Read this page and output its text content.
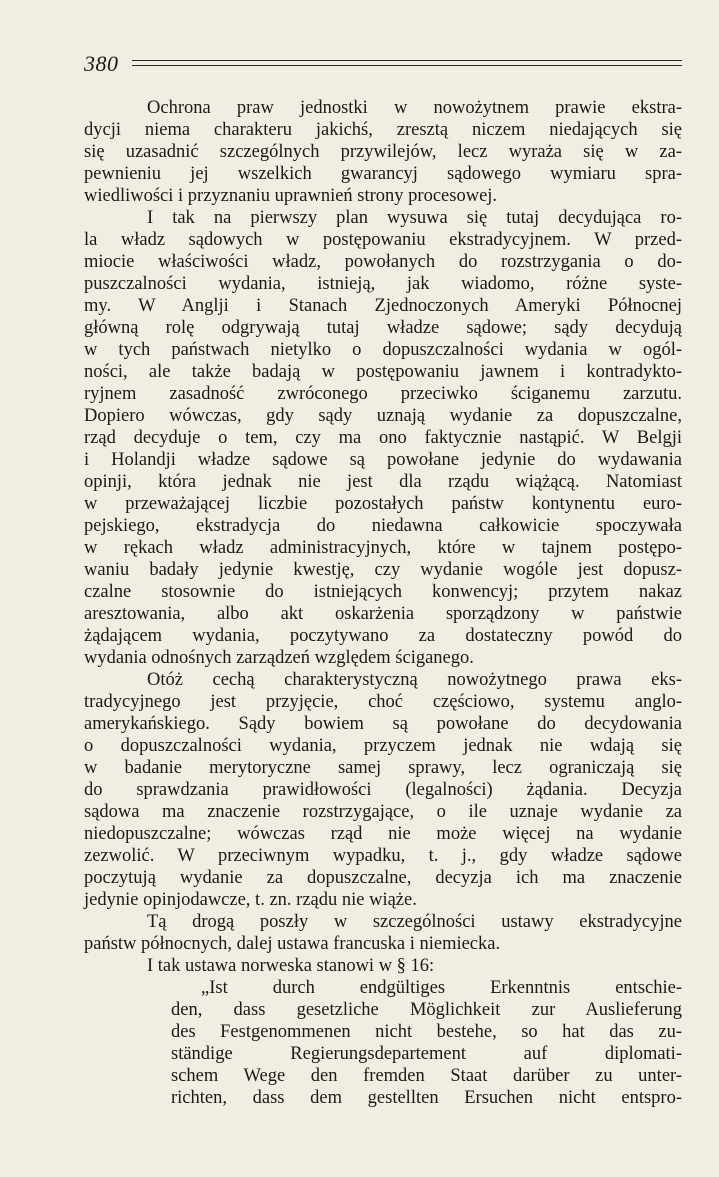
380
Ochrona praw jednostki w nowożytnem prawie ekstra-
dycji niema charakteru jakichś, zresztą niczem niedających się
się uzasadnić szczególnych przywilejów, lecz wyraża się w za-
pewnieniu jej wszelkich gwarancyj sądowego wymiaru spra-
wiedliwości i przyznaniu uprawnień strony procesowej.
I tak na pierwszy plan wysuwa się tutaj decydująca ro-
la władz sądowych w postępowaniu ekstradycyjnem. W przed-
miocie właściwości władz, powołanych do rozstrzygania o do-
puszczalności wydania, istnieją, jak wiadomo, różne syste-
my. W Anglji i Stanach Zjednoczonych Ameryki Północnej
główną rolę odgrywają tutaj władze sądowe; sądy decydują
w tych państwach nietylko o dopuszczalności wydania w ogól-
ności, ale także badają w postępowaniu jawnem i kontradykto-
ryjnem zasadność zwróconego przeciwko ściganemu zarzutu.
Dopiero wówczas, gdy sądy uznają wydanie za dopuszczalne,
rząd decyduje o tem, czy ma ono faktycznie nastąpić. W Belgji
i Holandji władze sądowe są powołane jedynie do wydawania
opinji, która jednak nie jest dla rządu wiążącą. Natomiast
w przeważającej liczbie pozostałych państw kontynentu euro-
pejskiego, ekstradycja do niedawna całkowicie spoczywała
w rękach władz administracyjnych, które w tajnem postępo-
waniu badały jedynie kwestję, czy wydanie wogóle jest dopusz-
czalne stosownie do istniejących konwencyj; przytem nakaz
aresztowania, albo akt oskarżenia sporządzony w państwie
żądającem wydania, poczytywano za dostateczny powód do
wydania odnośnych zarządzeń względem ściganego.
Otóż cechą charakterystyczną nowożytnego prawa eks-
tradycyjnego jest przyjęcie, choć częściowo, systemu anglo-
amerykańskiego. Sądy bowiem są powołane do decydowania
o dopuszczalności wydania, przyczem jednak nie wdają się
w badanie merytoryczne samej sprawy, lecz ograniczają się
do sprawdzania prawidłowości (legalności) żądania. Decyzja
sądowa ma znaczenie rozstrzygające, o ile uznaje wydanie za
niedopuszczalne; wówczas rząd nie może więcej na wydanie
zezwolić. W przeciwnym wypadku, t. j., gdy władze sądowe
poczytują wydanie za dopuszczalne, decyzja ich ma znaczenie
jedynie opinjodawcze, t. zn. rządu nie wiąże.
Tą drogą poszły w szczególności ustawy ekstradycyjne
państw północnych, dalej ustawa francuska i niemiecka.
I tak ustawa norweska stanowi w § 16:
„Ist durch endgültiges Erkenntnis entschie-
den, dass gesetzliche Möglichkeit zur Auslieferung
des Festgenommenen nicht bestehe, so hat das zu-
ständige Regierungsdepartement auf diplomati-
schem Wege den fremden Staat darüber zu unter-
richten, dass dem gestellten Ersuchen nicht entspro-
